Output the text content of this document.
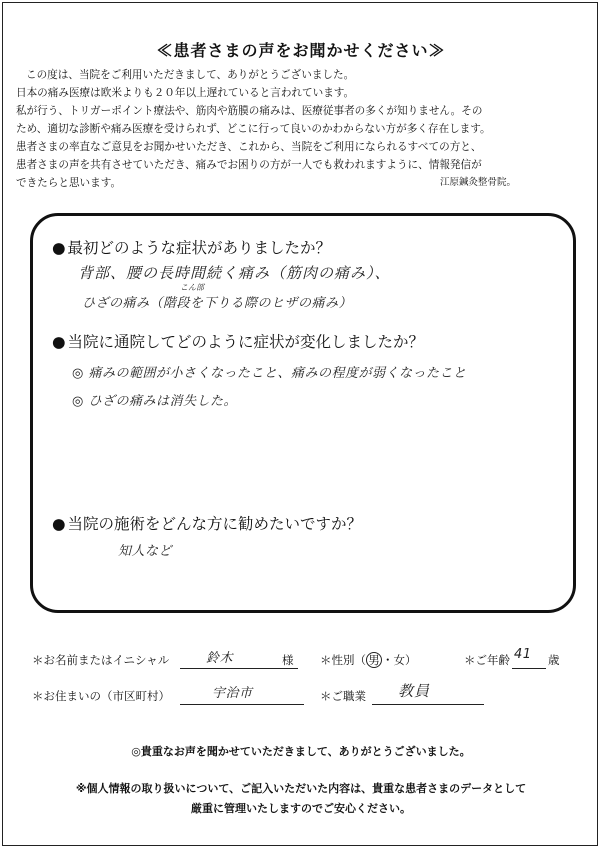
≪患者さまの声をお聞かせください≫

この度は、当院をご利用いただきまして、ありがとうございました。

日本の痛み医療は欧米よりも２０年以上遅れていると言われています。

私が行う、トリガーポイント療法や、筋肉や筋膜の痛みは、医療従事者の多くが知りません。その

ため、適切な診断や痛み医療を受けられず、どこに行って良いのかわからない方が多く存在します。

患者さまの率直なご意見をお聞かせいただき、これから、当院をご利用になられるすべての方と、

患者さまの声を共有させていただき、痛みでお困りの方が一人でも救われますように、情報発信が

できたらと思います。	江原鍼灸整骨院。
● 最初どのような症状がありましたか？
こん部
背部、腰の長時間続く痛み（筋肉の痛み）、
ひざの痛み（階段を下りる際のヒザの痛み）
● 当院に通院してどのように症状が変化しましたか？
◎ 痛みの範囲が小さくなったこと、痛みの程度が弱くなったこと
◎ ひざの痛みは消失した。
● 当院の施術をどんな方に勧めたいですか？
知人など
＊お名前またはイニシャル	鈴木	様 ＊性別（ 男 ・女）	＊ご年齢 41 歳
＊お住まいの（市区町村）	宇治市	＊ご職業 教員
◎貴重なお声を聞かせていただきまして、ありがとうございました。
※個人情報の取り扱いについて、ご記入いただいた内容は、貴重な患者さまのデータとして
厳重に管理いたしますのでご安心ください。
